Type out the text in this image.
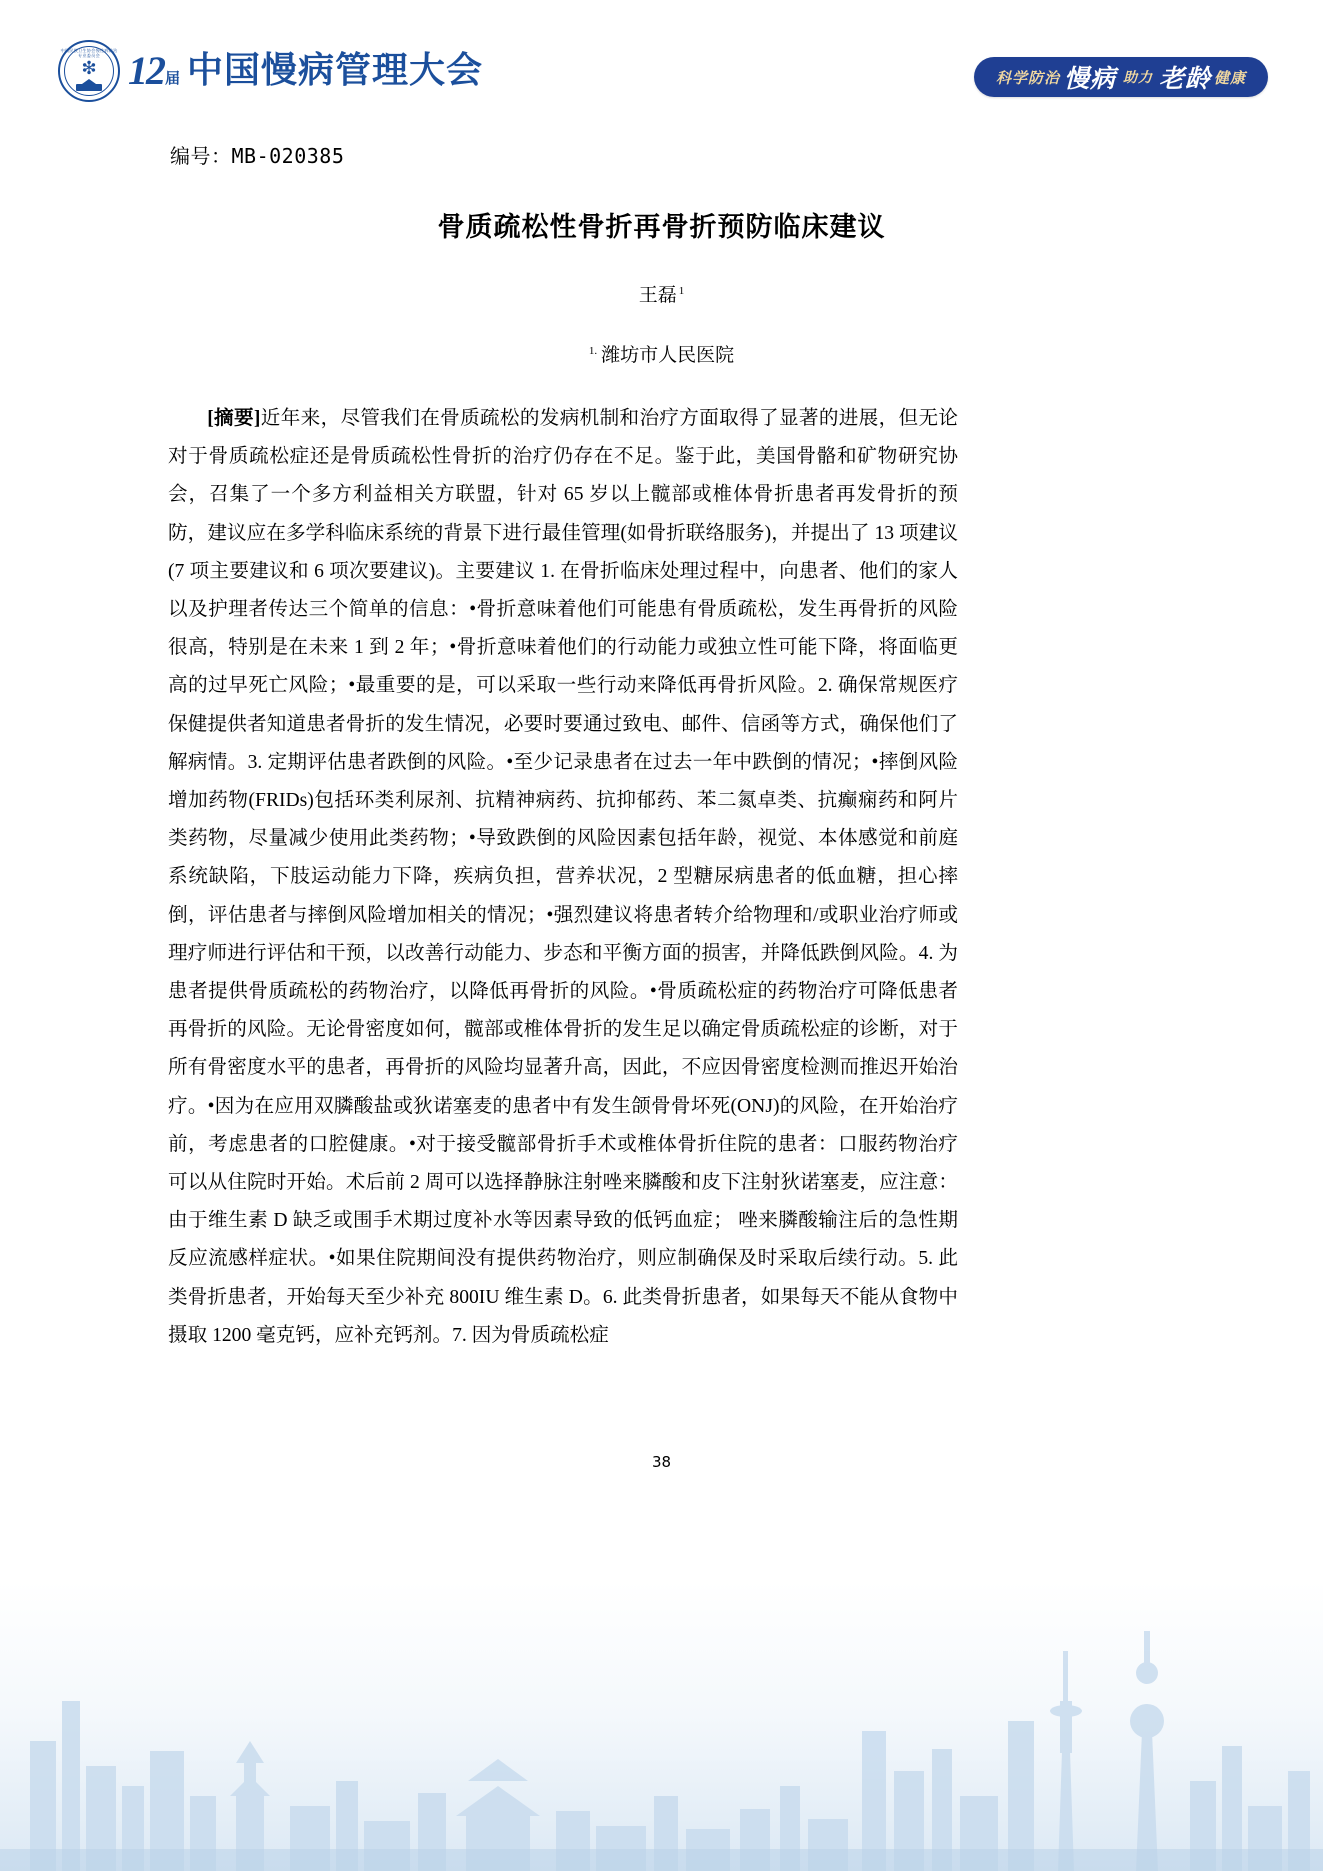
中国民族卫生协会慢性病防治专业委员会
❇ 12 届 中国慢病管理大会	科学防治 慢病 助力 老龄 健康
编号：MB-020385
骨质疏松性骨折再骨折预防临床建议
王磊 $^1$
$^{1.}$ 潍坊市人民医院
[摘要]近年来，尽管我们在骨质疏松的发病机制和治疗方面取得了显著的进展，但无论对于骨质疏松症还是骨质疏松性骨折的治疗仍存在不足。鉴于此，美国骨骼和矿物研究协会，召集了一个多方利益相关方联盟，针对 65 岁以上髋部或椎体骨折患者再发骨折的预防，建议应在多学科临床系统的背景下进行最佳管理(如骨折联络服务)，并提出了 13 项建议(7 项主要建议和 6 项次要建议)。主要建议 1. 在骨折临床处理过程中，向患者、他们的家人以及护理者传达三个简单的信息：•骨折意味着他们可能患有骨质疏松，发生再骨折的风险很高，特别是在未来 1 到 2 年；•骨折意味着他们的行动能力或独立性可能下降，将面临更高的过早死亡风险；•最重要的是，可以采取一些行动来降低再骨折风险。2. 确保常规医疗保健提供者知道患者骨折的发生情况，必要时要通过致电、邮件、信函等方式，确保他们了解病情。3. 定期评估患者跌倒的风险。•至少记录患者在过去一年中跌倒的情况；•摔倒风险增加药物(FRIDs)包括环类利尿剂、抗精神病药、抗抑郁药、苯二氮卓类、抗癫痫药和阿片类药物，尽量减少使用此类药物；•导致跌倒的风险因素包括年龄，视觉、本体感觉和前庭系统缺陷，下肢运动能力下降，疾病负担，营养状况，2 型糖尿病患者的低血糖，担心摔倒，评估患者与摔倒风险增加相关的情况；•强烈建议将患者转介给物理和/或职业治疗师或理疗师进行评估和干预，以改善行动能力、步态和平衡方面的损害，并降低跌倒风险。4. 为患者提供骨质疏松的药物治疗，以降低再骨折的风险。•骨质疏松症的药物治疗可降低患者再骨折的风险。无论骨密度如何，髋部或椎体骨折的发生足以确定骨质疏松症的诊断，对于所有骨密度水平的患者，再骨折的风险均显著升高，因此，不应因骨密度检测而推迟开始治疗。•因为在应用双膦酸盐或狄诺塞麦的患者中有发生颌骨骨坏死(ONJ)的风险，在开始治疗前，考虑患者的口腔健康。•对于接受髋部骨折手术或椎体骨折住院的患者：口服药物治疗可以从住院时开始。术后前 2 周可以选择静脉注射唑来膦酸和皮下注射狄诺塞麦，应注意：由于维生素 D 缺乏或围手术期过度补水等因素导致的低钙血症； 唑来膦酸输注后的急性期反应流感样症状。•如果住院期间没有提供药物治疗，则应制确保及时采取后续行动。5. 此类骨折患者，开始每天至少补充 800IU 维生素 D。6. 此类骨折患者，如果每天不能从食物中摄取 1200 毫克钙，应补充钙剂。7. 因为骨质疏松症
38
